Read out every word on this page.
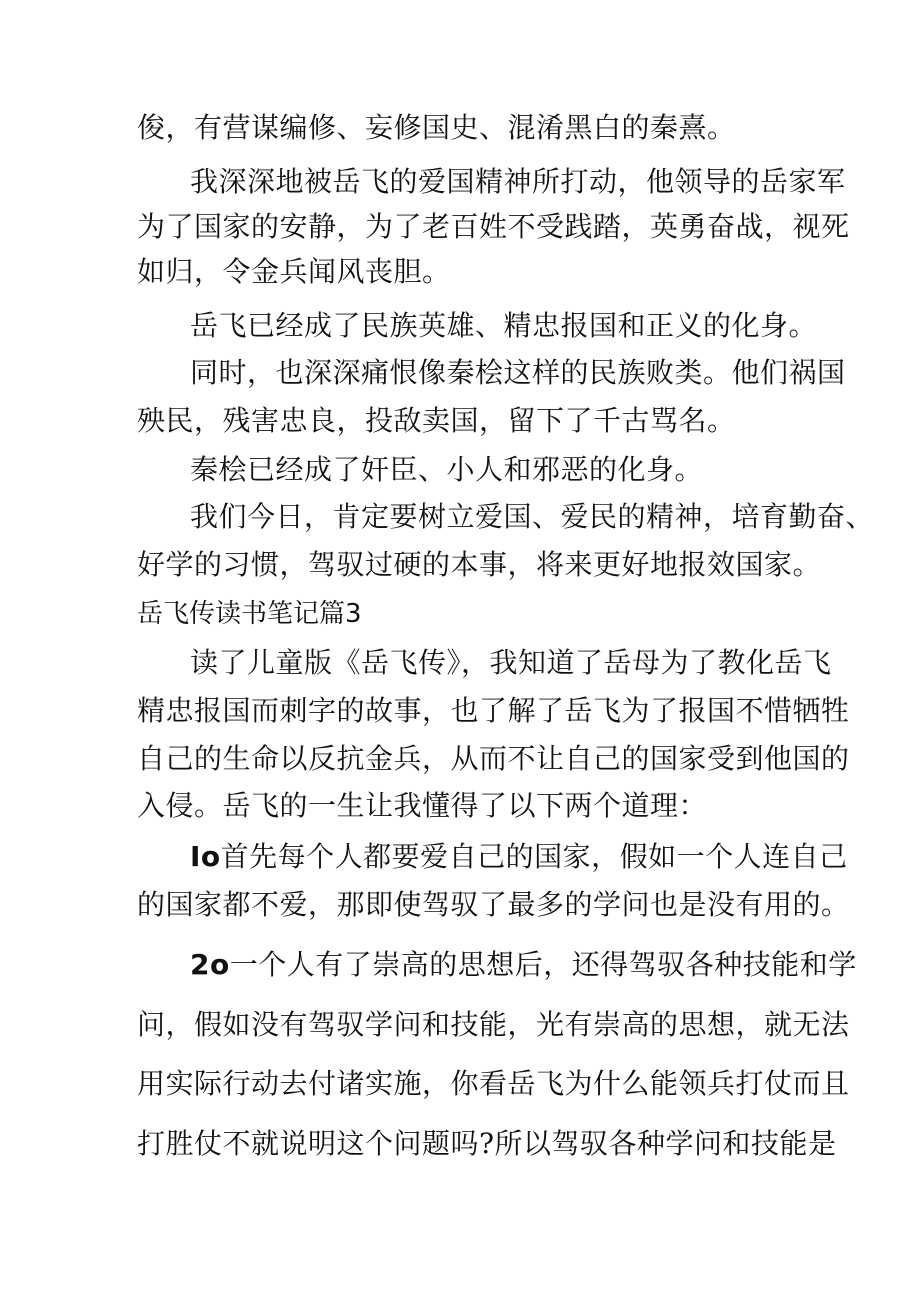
俊，有营谋编修、妄修国史、混淆黑白的秦熹。
我深深地被岳飞的爱国精神所打动，他领导的岳家军
为了国家的安静，为了老百姓不受践踏，英勇奋战，视死
如归，令金兵闻风丧胆。
岳飞已经成了民族英雄、精忠报国和正义的化身。
同时，也深深痛恨像秦桧这样的民族败类。他们祸国
殃民，残害忠良，投敌卖国，留下了千古骂名。
秦桧已经成了奸臣、小人和邪恶的化身。
我们今日，肯定要树立爱国、爱民的精神，培育勤奋、
好学的习惯，驾驭过硬的本事，将来更好地报效国家。
岳飞传读书笔记篇3
读了儿童版《岳飞传》，我知道了岳母为了教化岳飞
精忠报国而刺字的故事，也了解了岳飞为了报国不惜牺牲
自己的生命以反抗金兵，从而不让自己的国家受到他国的
入侵。岳飞的一生让我懂得了以下两个道理：
Io首先每个人都要爱自己的国家，假如一个人连自己
的国家都不爱，那即使驾驭了最多的学问也是没有用的。
2o一个人有了崇高的思想后，还得驾驭各种技能和学
问，假如没有驾驭学问和技能，光有崇高的思想，就无法
用实际行动去付诸实施，你看岳飞为什么能领兵打仗而且
打胜仗不就说明这个问题吗?所以驾驭各种学问和技能是
